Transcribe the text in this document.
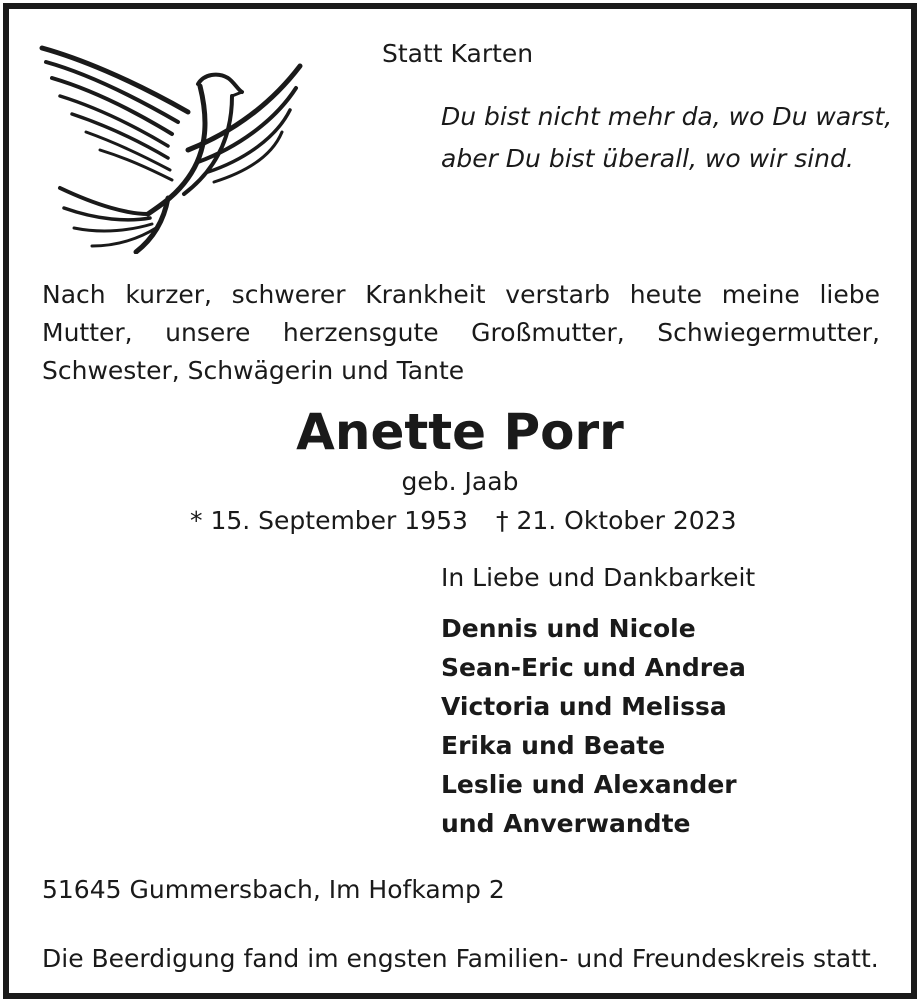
Statt Karten
Du bist nicht mehr da, wo Du warst,
aber Du bist überall, wo wir sind.
Nach kurzer, schwerer Krankheit verstarb heute meine liebe
Mutter, unsere herzensgute Großmutter, Schwiegermutter,
Schwester, Schwägerin und Tante
Anette Porr
geb. Jaab
* 15. September 1953 † 21. Oktober 2023
In Liebe und Dankbarkeit
Dennis und Nicole
Sean-Eric und Andrea
Victoria und Melissa
Erika und Beate
Leslie und Alexander
und Anverwandte
51645 Gummersbach, Im Hofkamp 2
Die Beerdigung fand im engsten Familien- und Freundeskreis statt.
